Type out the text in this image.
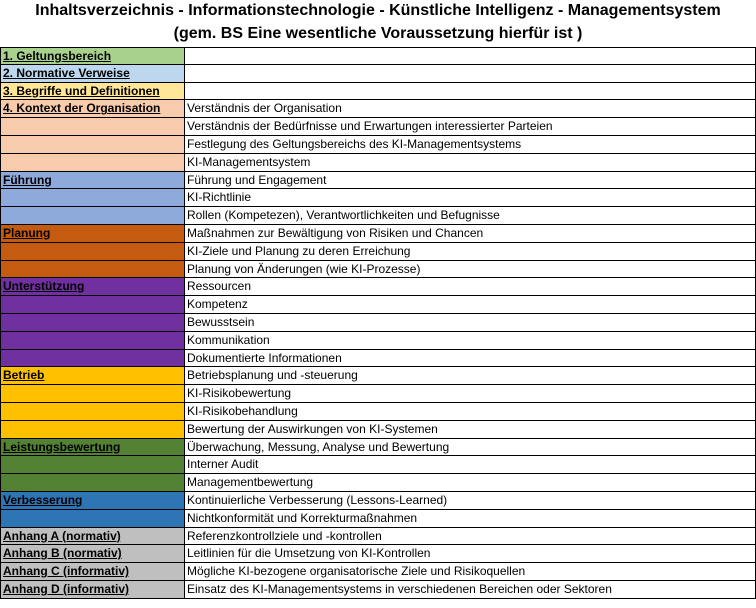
Inhaltsverzeichnis - Informationstechnologie - Künstliche Intelligenz - Managementsystem
(gem. BS Eine wesentliche Voraussetzung hierfür ist )
1. Geltungsbereich
2. Normative Verweise
3. Begriffe und Definitionen
4. Kontext der Organisation	Verständnis der Organisation
Verständnis der Bedürfnisse und Erwartungen interessierter Parteien
Festlegung des Geltungsbereichs des KI-Managementsystems
KI-Managementsystem
Führung	Führung und Engagement
KI-Richtlinie
Rollen (Kompetezen), Verantwortlichkeiten und Befugnisse
Planung	Maßnahmen zur Bewältigung von Risiken und Chancen
KI-Ziele und Planung zu deren Erreichung
Planung von Änderungen (wie KI-Prozesse)
Unterstützung	Ressourcen
Kompetenz
Bewusstsein
Kommunikation
Dokumentierte Informationen
Betrieb	Betriebsplanung und -steuerung
KI-Risikobewertung
KI-Risikobehandlung
Bewertung der Auswirkungen von KI-Systemen
Leistungsbewertung	Überwachung, Messung, Analyse und Bewertung
Interner Audit
Managementbewertung
Verbesserung	Kontinuierliche Verbesserung (Lessons-Learned)
Nichtkonformität und Korrekturmaßnahmen
Anhang A (normativ)	Referenzkontrollziele und -kontrollen
Anhang B (normativ)	Leitlinien für die Umsetzung von KI-Kontrollen
Anhang C (informativ)	Mögliche KI-bezogene organisatorische Ziele und Risikoquellen
Anhang D (informativ)	Einsatz des KI-Managementsystems in verschiedenen Bereichen oder Sektoren
